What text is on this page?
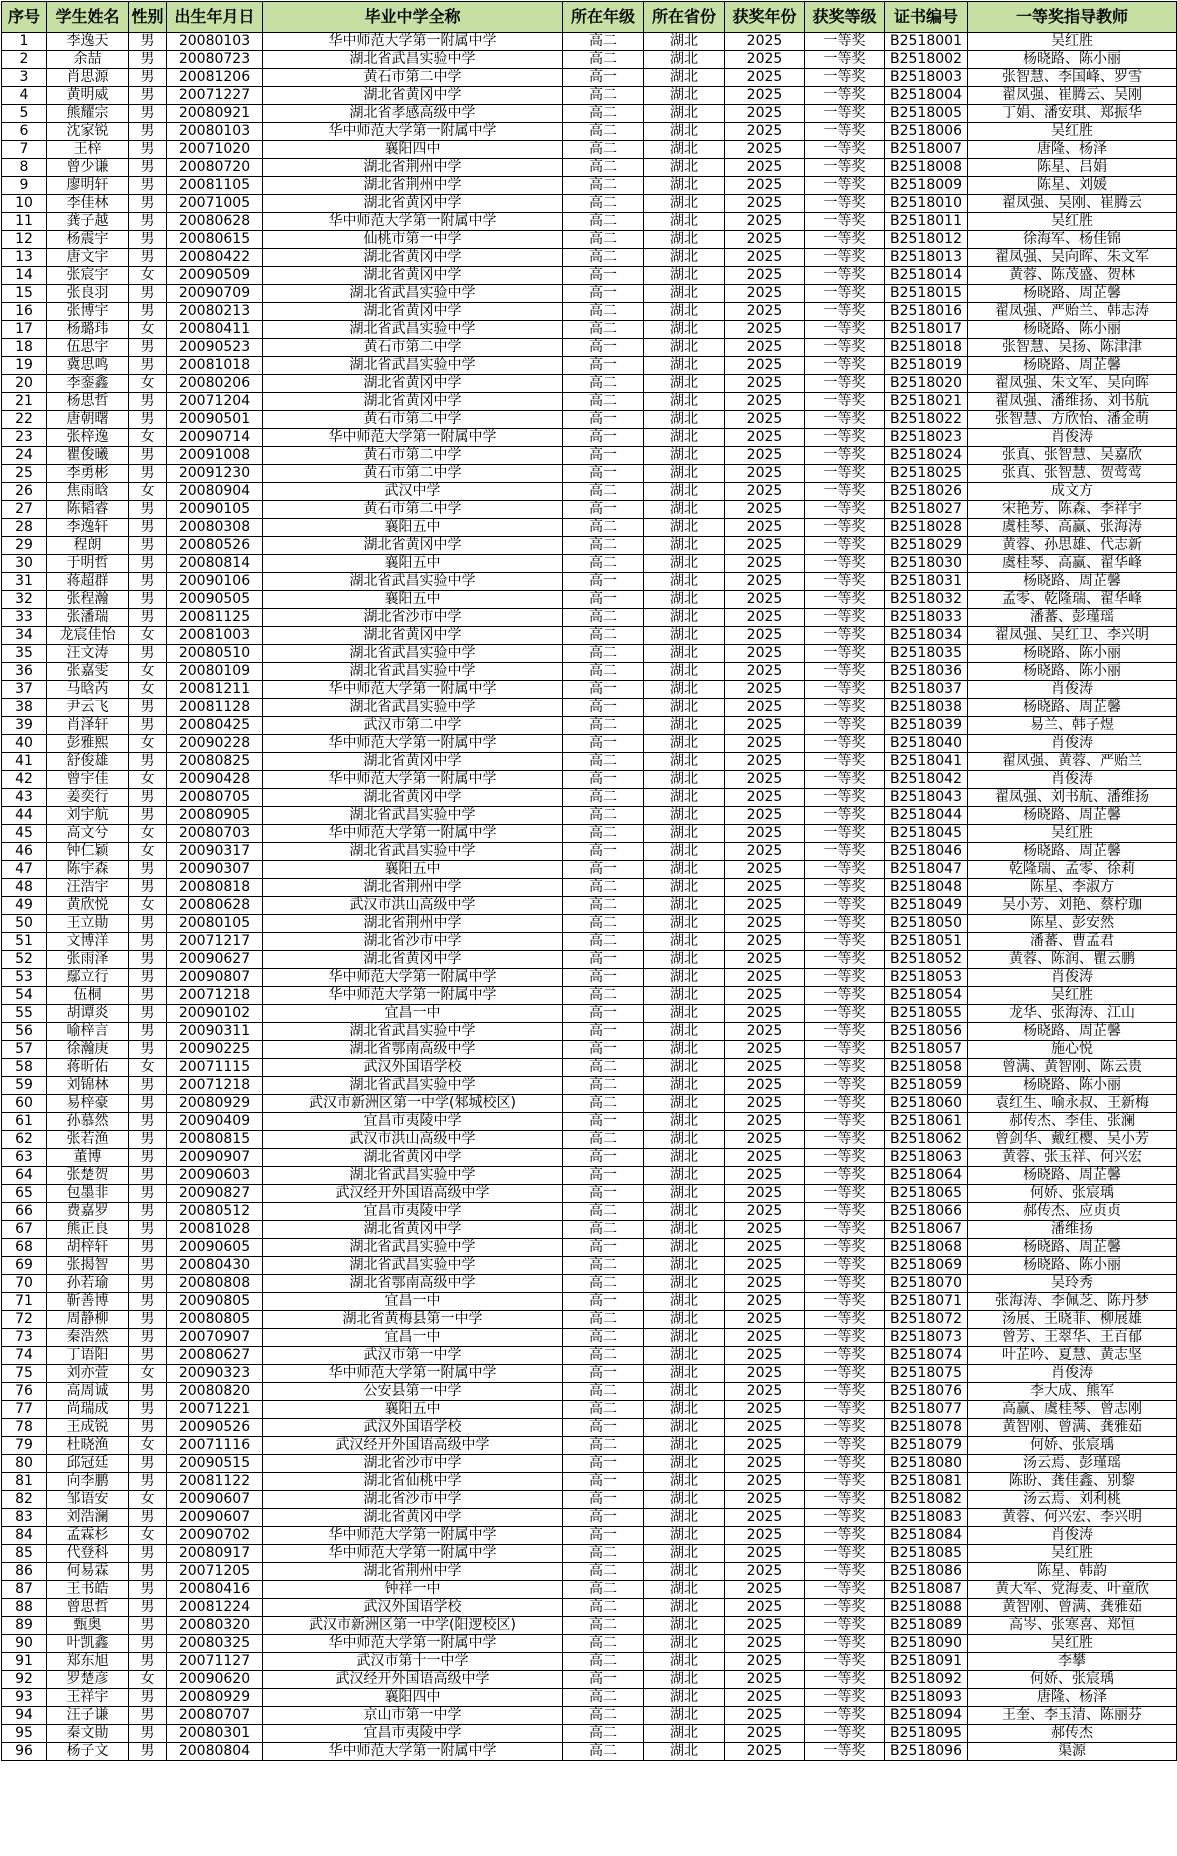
序号	学生姓名	性别	出生年月日	毕业中学全称	所在年级	所在省份	获奖年份	获奖等级	证书编号	一等奖指导教师
1	李逸天	男	20080103	华中师范大学第一附属中学	高二	湖北	2025	一等奖	B2518001	吴红胜
2	余喆	男	20080723	湖北省武昌实验中学	高二	湖北	2025	一等奖	B2518002	杨晓路、陈小丽
3	肖思源	男	20081206	黄石市第二中学	高一	湖北	2025	一等奖	B2518003	张智慧、李国峰、罗雪
4	黄明威	男	20071227	湖北省黄冈中学	高二	湖北	2025	一等奖	B2518004	翟凤强、崔腾云、吴刚
5	熊耀宗	男	20080921	湖北省孝感高级中学	高二	湖北	2025	一等奖	B2518005	丁娟、潘安琪、郑振华
6	沈家锐	男	20080103	华中师范大学第一附属中学	高二	湖北	2025	一等奖	B2518006	吴红胜
7	王梓	男	20071020	襄阳四中	高二	湖北	2025	一等奖	B2518007	唐隆、杨泽
8	曾少谦	男	20080720	湖北省荆州中学	高二	湖北	2025	一等奖	B2518008	陈星、吕娟
9	廖明轩	男	20081105	湖北省荆州中学	高二	湖北	2025	一等奖	B2518009	陈星、刘媛
10	李佳林	男	20071005	湖北省黄冈中学	高二	湖北	2025	一等奖	B2518010	翟凤强、吴刚、崔腾云
11	龚子越	男	20080628	华中师范大学第一附属中学	高二	湖北	2025	一等奖	B2518011	吴红胜
12	杨震宇	男	20080615	仙桃市第一中学	高二	湖北	2025	一等奖	B2518012	徐海军、杨佳锦
13	唐文宇	男	20080422	湖北省黄冈中学	高二	湖北	2025	一等奖	B2518013	翟凤强、吴向晖、朱文军
14	张宸宇	女	20090509	湖北省黄冈中学	高一	湖北	2025	一等奖	B2518014	黄蓉、陈茂盛、贺林
15	张良羽	男	20090709	湖北省武昌实验中学	高一	湖北	2025	一等奖	B2518015	杨晓路、周芷馨
16	张博宇	男	20080213	湖北省黄冈中学	高二	湖北	2025	一等奖	B2518016	翟凤强、严贻兰、韩志涛
17	杨璐玮	女	20080411	湖北省武昌实验中学	高二	湖北	2025	一等奖	B2518017	杨晓路、陈小丽
18	伍思宇	男	20090523	黄石市第二中学	高一	湖北	2025	一等奖	B2518018	张智慧、吴扬、陈津津
19	冀思鸣	男	20081018	湖北省武昌实验中学	高一	湖北	2025	一等奖	B2518019	杨晓路、周芷馨
20	李銮鑫	女	20080206	湖北省黄冈中学	高二	湖北	2025	一等奖	B2518020	翟凤强、朱文军、吴向晖
21	杨思哲	男	20071204	湖北省黄冈中学	高二	湖北	2025	一等奖	B2518021	翟凤强、潘维扬、刘书航
22	唐朝曙	男	20090501	黄石市第二中学	高一	湖北	2025	一等奖	B2518022	张智慧、方欣怡、潘金萌
23	张梓逸	女	20090714	华中师范大学第一附属中学	高一	湖北	2025	一等奖	B2518023	肖俊涛
24	瞿俊曦	男	20091008	黄石市第二中学	高一	湖北	2025	一等奖	B2518024	张真、张智慧、吴嘉欣
25	李勇彬	男	20091230	黄石市第二中学	高一	湖北	2025	一等奖	B2518025	张真、张智慧、贺莺莺
26	焦雨晗	女	20080904	武汉中学	高二	湖北	2025	一等奖	B2518026	成文方
27	陈韬睿	男	20090105	黄石市第二中学	高一	湖北	2025	一等奖	B2518027	宋艳芳、陈森、李祥宇
28	李逸轩	男	20080308	襄阳五中	高二	湖北	2025	一等奖	B2518028	虞桂琴、高赢、张海涛
29	程朗	男	20080526	湖北省黄冈中学	高二	湖北	2025	一等奖	B2518029	黄蓉、孙思雄、代志新
30	于明哲	男	20080814	襄阳五中	高二	湖北	2025	一等奖	B2518030	虞桂琴、高赢、翟华峰
31	蒋超群	男	20090106	湖北省武昌实验中学	高一	湖北	2025	一等奖	B2518031	杨晓路、周芷馨
32	张程瀚	男	20090505	襄阳五中	高一	湖北	2025	一等奖	B2518032	孟零、乾隆瑞、翟华峰
33	张潘瑞	男	20081125	湖北省沙市中学	高二	湖北	2025	一等奖	B2518033	潘蕃、彭瑾瑶
34	龙宸佳怡	女	20081003	湖北省黄冈中学	高二	湖北	2025	一等奖	B2518034	翟凤强、吴红卫、李兴明
35	汪文涛	男	20080510	湖北省武昌实验中学	高二	湖北	2025	一等奖	B2518035	杨晓路、陈小丽
36	张嘉雯	女	20080109	湖北省武昌实验中学	高二	湖北	2025	一等奖	B2518036	杨晓路、陈小丽
37	马晗芮	女	20081211	华中师范大学第一附属中学	高一	湖北	2025	一等奖	B2518037	肖俊涛
38	尹云飞	男	20081128	湖北省武昌实验中学	高一	湖北	2025	一等奖	B2518038	杨晓路、周芷馨
39	肖泽轩	男	20080425	武汉市第二中学	高二	湖北	2025	一等奖	B2518039	易兰、韩子煜
40	彭雅熙	女	20090228	华中师范大学第一附属中学	高一	湖北	2025	一等奖	B2518040	肖俊涛
41	舒俊雄	男	20080825	湖北省黄冈中学	高二	湖北	2025	一等奖	B2518041	翟凤强、黄蓉、严贻兰
42	曾宇佳	女	20090428	华中师范大学第一附属中学	高一	湖北	2025	一等奖	B2518042	肖俊涛
43	姜奕行	男	20080705	湖北省黄冈中学	高二	湖北	2025	一等奖	B2518043	翟凤强、刘书航、潘维扬
44	刘宇航	男	20080905	湖北省武昌实验中学	高二	湖北	2025	一等奖	B2518044	杨晓路、周芷馨
45	高文兮	女	20080703	华中师范大学第一附属中学	高二	湖北	2025	一等奖	B2518045	吴红胜
46	钟仁颖	女	20090317	湖北省武昌实验中学	高一	湖北	2025	一等奖	B2518046	杨晓路、周芷馨
47	陈宇森	男	20090307	襄阳五中	高一	湖北	2025	一等奖	B2518047	乾隆瑞、孟零、徐莉
48	汪浩宇	男	20080818	湖北省荆州中学	高二	湖北	2025	一等奖	B2518048	陈星、李淑方
49	黄欣悦	女	20080628	武汉市洪山高级中学	高二	湖北	2025	一等奖	B2518049	吴小芳、刘艳、蔡柠珈
50	王立勛	男	20080105	湖北省荆州中学	高二	湖北	2025	一等奖	B2518050	陈星、彭安然
51	文博洋	男	20071217	湖北省沙市中学	高二	湖北	2025	一等奖	B2518051	潘蕃、曹孟君
52	张雨泽	男	20090627	湖北省黄冈中学	高一	湖北	2025	一等奖	B2518052	黄蓉、陈润、瞿云鹏
53	鄢立行	男	20090807	华中师范大学第一附属中学	高一	湖北	2025	一等奖	B2518053	肖俊涛
54	伍桐	男	20071218	华中师范大学第一附属中学	高二	湖北	2025	一等奖	B2518054	吴红胜
55	胡谭炎	男	20090102	宜昌一中	高一	湖北	2025	一等奖	B2518055	龙华、张海涛、江山
56	喻梓言	男	20090311	湖北省武昌实验中学	高一	湖北	2025	一等奖	B2518056	杨晓路、周芷馨
57	徐瀚庚	男	20090225	湖北省鄂南高级中学	高一	湖北	2025	一等奖	B2518057	施心悦
58	蒋昕佑	女	20071115	武汉外国语学校	高二	湖北	2025	一等奖	B2518058	曾满、黄智刚、陈云贵
59	刘锦林	男	20071218	湖北省武昌实验中学	高二	湖北	2025	一等奖	B2518059	杨晓路、陈小丽
60	易梓豪	男	20080929	武汉市新洲区第一中学(邾城校区)	高二	湖北	2025	一等奖	B2518060	袁红生、喻永叔、王新梅
61	孙慕然	男	20090409	宜昌市夷陵中学	高一	湖北	2025	一等奖	B2518061	郝传杰、李佳、张澜
62	张若渔	男	20080815	武汉市洪山高级中学	高二	湖北	2025	一等奖	B2518062	曾剑华、戴红樱、吴小芳
63	董博	男	20090907	湖北省黄冈中学	高一	湖北	2025	一等奖	B2518063	黄蓉、张玉祥、何兴宏
64	张楚贺	男	20090603	湖北省武昌实验中学	高一	湖北	2025	一等奖	B2518064	杨晓路、周芷馨
65	包墨非	男	20090827	武汉经开外国语高级中学	高一	湖北	2025	一等奖	B2518065	何娇、张宸瑀
66	费嘉罗	男	20080512	宜昌市夷陵中学	高二	湖北	2025	一等奖	B2518066	郝传杰、应贞贞
67	熊正良	男	20081028	湖北省黄冈中学	高二	湖北	2025	一等奖	B2518067	潘维扬
68	胡梓轩	男	20090605	湖北省武昌实验中学	高一	湖北	2025	一等奖	B2518068	杨晓路、周芷馨
69	张揭智	男	20080430	湖北省武昌实验中学	高二	湖北	2025	一等奖	B2518069	杨晓路、陈小丽
70	孙若瑜	男	20080808	湖北省鄂南高级中学	高二	湖北	2025	一等奖	B2518070	吴玲秀
71	靳善博	男	20090805	宜昌一中	高一	湖北	2025	一等奖	B2518071	张海涛、李佩芝、陈丹梦
72	周静柳	男	20080805	湖北省黄梅县第一中学	高二	湖北	2025	一等奖	B2518072	汤展、王晓菲、柳展雄
73	秦浩然	男	20070907	宜昌一中	高二	湖北	2025	一等奖	B2518073	曾芳、王翠华、王百郁
74	丁语阳	男	20080627	武汉市第一中学	高二	湖北	2025	一等奖	B2518074	叶芷吟、夏慧、黄志坚
75	刘亦萱	女	20090323	华中师范大学第一附属中学	高一	湖北	2025	一等奖	B2518075	肖俊涛
76	高周诚	男	20080820	公安县第一中学	高二	湖北	2025	一等奖	B2518076	李大成、熊军
77	尚瑞成	男	20071221	襄阳五中	高二	湖北	2025	一等奖	B2518077	高赢、虞桂琴、曾志刚
78	王成锐	男	20090526	武汉外国语学校	高一	湖北	2025	一等奖	B2518078	黄智刚、曾满、龚雅茹
79	杜晓渔	女	20071116	武汉经开外国语高级中学	高二	湖北	2025	一等奖	B2518079	何娇、张宸瑀
80	邱冠廷	男	20090515	湖北省沙市中学	高一	湖北	2025	一等奖	B2518080	汤云焉、彭瑾瑶
81	向李鹏	男	20081122	湖北省仙桃中学	高一	湖北	2025	一等奖	B2518081	陈盼、龚佳鑫、别黎
82	邹语安	女	20090607	湖北省沙市中学	高一	湖北	2025	一等奖	B2518082	汤云焉、刘利桃
83	刘浩澜	男	20090607	湖北省黄冈中学	高一	湖北	2025	一等奖	B2518083	黄蓉、何兴宏、李兴明
84	孟霖杉	女	20090702	华中师范大学第一附属中学	高一	湖北	2025	一等奖	B2518084	肖俊涛
85	代登科	男	20080917	华中师范大学第一附属中学	高二	湖北	2025	一等奖	B2518085	吴红胜
86	何易霖	男	20071205	湖北省荆州中学	高二	湖北	2025	一等奖	B2518086	陈星、韩韵
87	王书皓	男	20080416	钟祥一中	高二	湖北	2025	一等奖	B2518087	黄大军、党海麦、叶童欣
88	曾思哲	男	20081224	武汉外国语学校	高二	湖北	2025	一等奖	B2518088	黄智刚、曾满、龚雅茹
89	甄奥	男	20080320	武汉市新洲区第一中学(阳逻校区)	高二	湖北	2025	一等奖	B2518089	高岑、张寒喜、郑恒
90	叶凯鑫	男	20080325	华中师范大学第一附属中学	高二	湖北	2025	一等奖	B2518090	吴红胜
91	郑东旭	男	20071127	武汉市第十一中学	高二	湖北	2025	一等奖	B2518091	李攀
92	罗楚彦	女	20090620	武汉经开外国语高级中学	高一	湖北	2025	一等奖	B2518092	何娇、张宸瑀
93	王祥宇	男	20080929	襄阳四中	高二	湖北	2025	一等奖	B2518093	唐隆、杨泽
94	汪子谦	男	20080707	京山市第一中学	高二	湖北	2025	一等奖	B2518094	王奎、李玉清、陈丽芬
95	秦文勛	男	20080301	宜昌市夷陵中学	高二	湖北	2025	一等奖	B2518095	郝传杰
96	杨子文	男	20080804	华中师范大学第一附属中学	高二	湖北	2025	一等奖	B2518096	渠源
